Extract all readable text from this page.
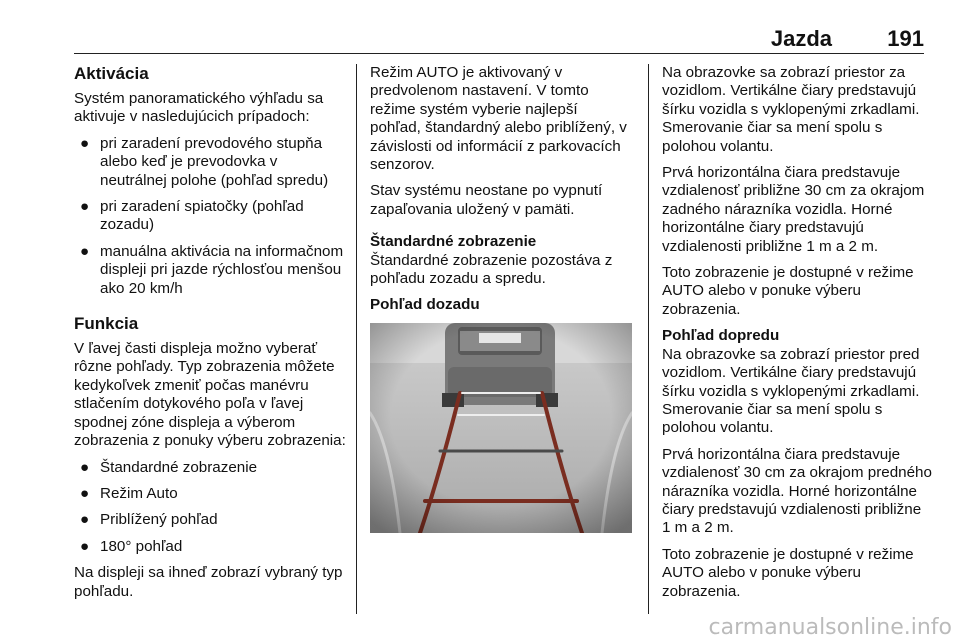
Jazda	191
Aktivácia

Systém panoramatického výhľadu sa aktivuje v nasledujúcich prípadoch:

● pri zaradení prevodového stupňa alebo keď je prevodovka v neutrálnej polohe (pohľad spredu)
● pri zaradení spiatočky (pohľad zozadu)
● manuálna aktivácia na informačnom displeji pri jazde rýchlosťou menšou ako 20 km/h
Funkcia

V ľavej časti displeja možno vyberať rôzne pohľady. Typ zobrazenia môžete kedykoľvek zmeniť počas manévru stlačením dotykového poľa v ľavej spodnej zóne displeja a výberom zobrazenia z ponuky výberu zobrazenia:

● Štandardné zobrazenie
● Režim Auto
● Priblížený pohľad
● 180° pohľad

Na displeji sa ihneď zobrazí vybraný typ pohľadu.

Režim AUTO je aktivovaný v predvolenom nastavení. V tomto režime systém vyberie najlepší pohľad, štandardný alebo priblížený, v závislosti od informácií z parkovacích senzorov.

Stav systému neostane po vypnutí zapaľovania uložený v pamäti.

Štandardné zobrazenie

Štandardné zobrazenie pozostáva z pohľadu zozadu a spredu.

Pohľad dozadu

Na obrazovke sa zobrazí priestor za vozidlom. Vertikálne čiary predstavujú šírku vozidla s vyklopenými zrkadlami. Smerovanie čiar sa mení spolu s polohou volantu.

Prvá horizontálna čiara predstavuje vzdialenosť približne 30 cm za okrajom zadného nárazníka vozidla. Horné horizontálne čiary predstavujú vzdialenosti približne 1 m a 2 m.

Toto zobrazenie je dostupné v režime AUTO alebo v ponuke výberu zobrazenia.

Pohľad dopredu

Na obrazovke sa zobrazí priestor pred vozidlom. Vertikálne čiary predstavujú šírku vozidla s vyklopenými zrkadlami. Smerovanie čiar sa mení spolu s polohou volantu.

Prvá horizontálna čiara predstavuje vzdialenosť 30 cm za okrajom predného nárazníka vozidla. Horné horizontálne čiary predstavujú vzdialenosti približne 1 m a 2 m.

Toto zobrazenie je dostupné v režime AUTO alebo v ponuke výberu zobrazenia.

carmanualsonline.info
